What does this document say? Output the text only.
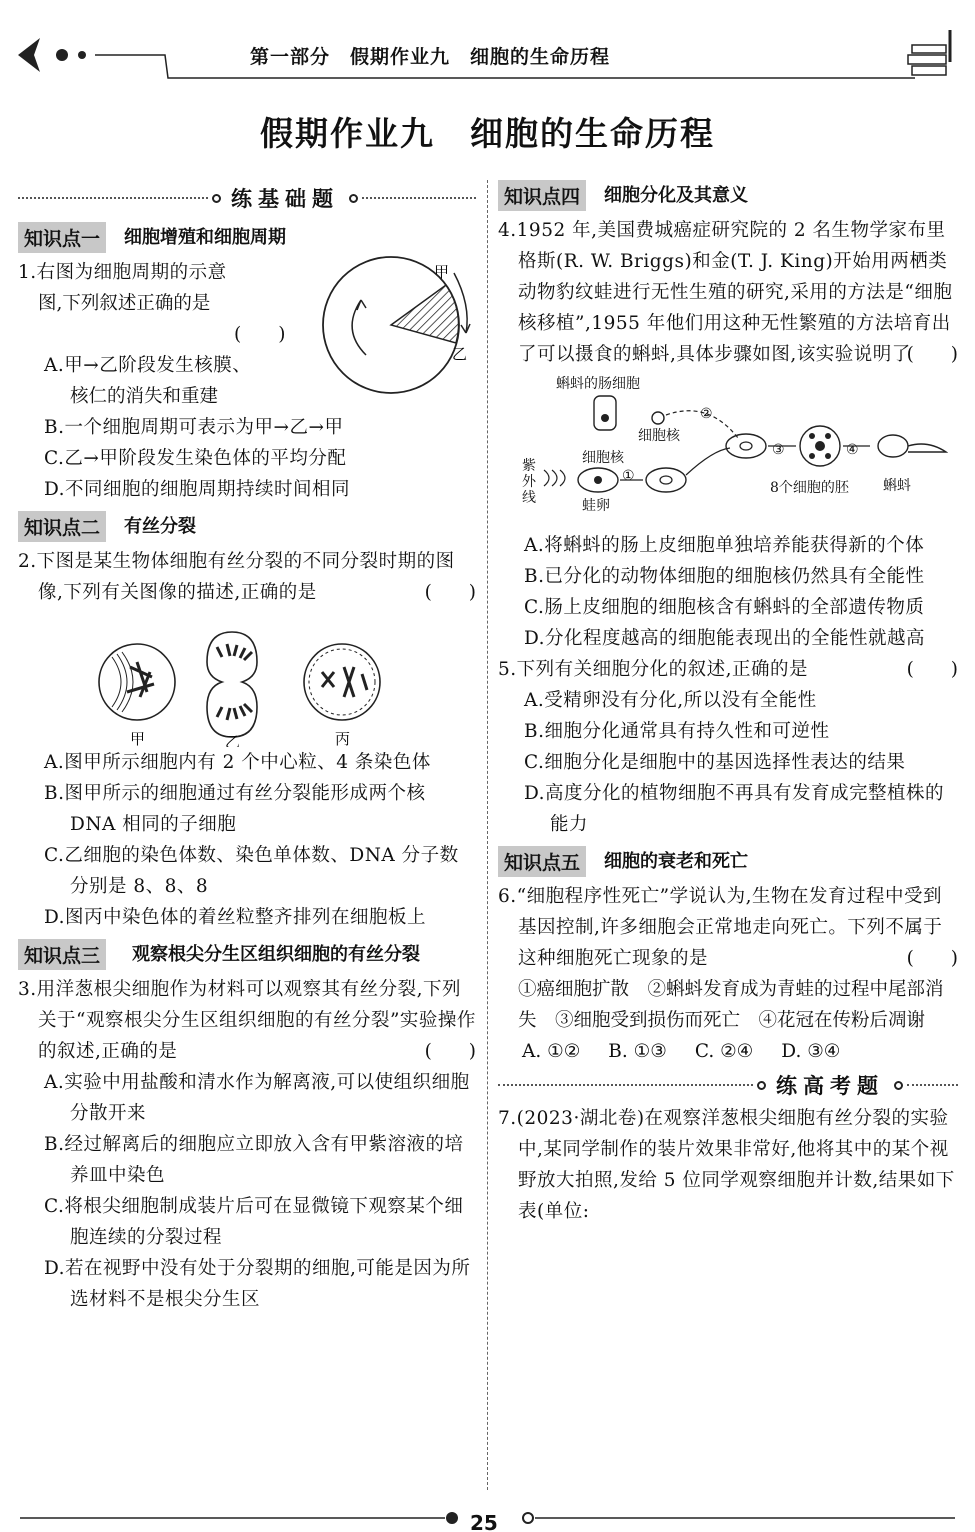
第一部分　假期作业九　细胞的生命历程
假期作业九　细胞的生命历程
练基础题
知识点一	细胞增殖和细胞周期
甲
乙
1.右图为细胞周期的示意
图,下列叙述正确的是
(　　)
A.甲→乙阶段发生核膜、
核仁的消失和重建
B.一个细胞周期可表示为甲→乙→甲
C.乙→甲阶段发生染色体的平均分配
D.不同细胞的细胞周期持续时间相同
知识点二	有丝分裂
2.下图是某生物体细胞有丝分裂的不同分裂时期的图像,下列有关图像的描述,正确的是	(　　)
甲	乙	丙
A.图甲所示细胞内有 2 个中心粒、4 条染色体
B.图甲所示的细胞通过有丝分裂能形成两个核 DNA 相同的子细胞
C.乙细胞的染色体数、染色单体数、DNA 分子数分别是 8、8、8
D.图丙中染色体的着丝粒整齐排列在细胞板上
知识点三	观察根尖分生区组织细胞的有丝分裂
3.用洋葱根尖细胞作为材料可以观察其有丝分裂,下列关于“观察根尖分生区组织细胞的有丝分裂”实验操作的叙述,正确的是	(　　)
A.实验中用盐酸和清水作为解离液,可以使组织细胞分散开来
B.经过解离后的细胞应立即放入含有甲紫溶液的培养皿中染色
C.将根尖细胞制成装片后可在显微镜下观察某个细胞连续的分裂过程
D.若在视野中没有处于分裂期的细胞,可能是因为所选材料不是根尖分生区
知识点四	细胞分化及其意义
4.1952 年,美国费城癌症研究院的 2 名生物学家布里格斯(R. W. Briggs)和金(T. J. King)开始用两栖类动物豹纹蛙进行无性生殖的研究,采用的方法是“细胞核移植”,1955 年他们用这种无性繁殖的方法培育出了可以摄食的蝌蚪,具体步骤如图,该实验说明了
(　　)
蝌蚪的肠细胞
细胞核
细胞核
蛙卵
8个细胞的胚 蝌蚪
②
①
③	④
紫
外
线
A.将蝌蚪的肠上皮细胞单独培养能获得新的个体
B.已分化的动物体细胞的细胞核仍然具有全能性
C.肠上皮细胞的细胞核含有蝌蚪的全部遗传物质
D.分化程度越高的细胞能表现出的全能性就越高
5.下列有关细胞分化的叙述,正确的是	(　　)
A.受精卵没有分化,所以没有全能性
B.细胞分化通常具有持久性和可逆性
C.细胞分化是细胞中的基因选择性表达的结果
D.高度分化的植物细胞不再具有发育成完整植株的能力
知识点五	细胞的衰老和死亡
6.“细胞程序性死亡”学说认为,生物在发育过程中受到基因控制,许多细胞会正常地走向死亡。下列不属于这种细胞死亡现象的是	(　　)
①癌细胞扩散　②蝌蚪发育成为青蛙的过程中尾部消失　③细胞受到损伤而死亡　④花冠在传粉后凋谢
A. ①② B. ①③ C. ②④ D. ③④
练高考题
7.(2023·湖北卷)在观察洋葱根尖细胞有丝分裂的实验中,某同学制作的装片效果非常好,他将其中的某个视野放大拍照,发给 5 位同学观察细胞并计数,结果如下表(单位:
25
